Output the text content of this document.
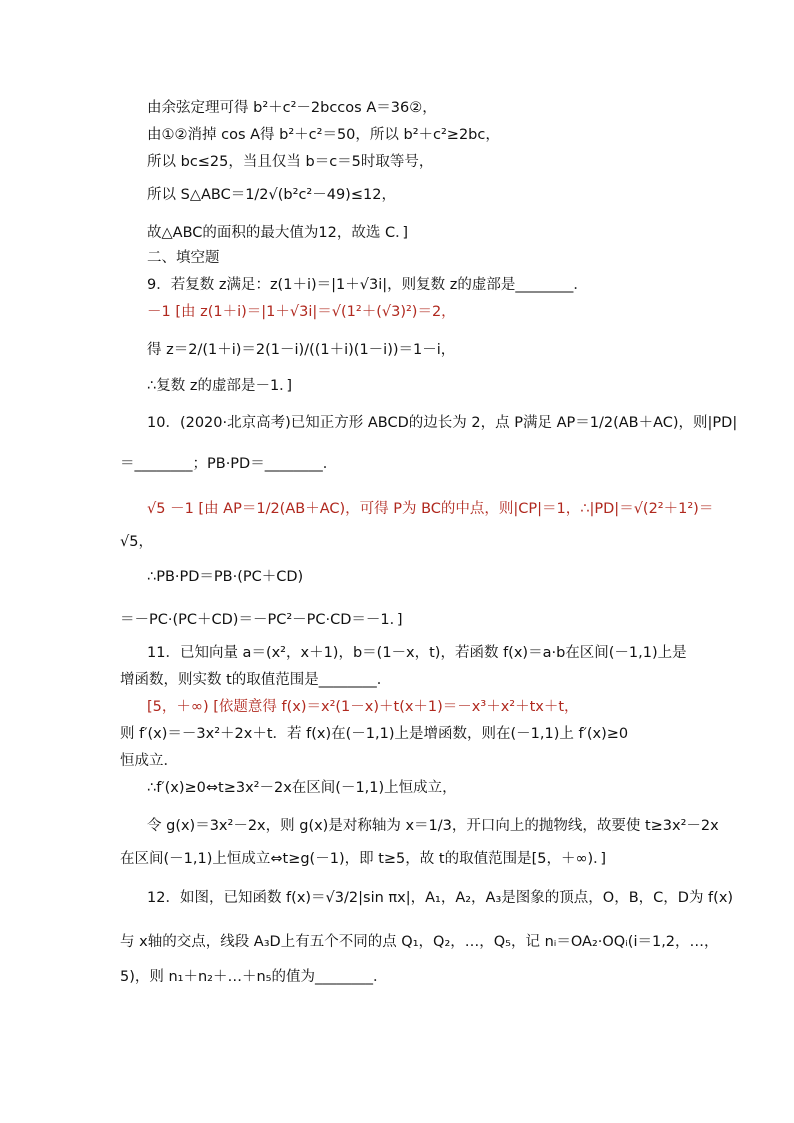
由余弦定理可得 b²＋c²－2bccos A＝36②，
由①②消掉 cos A得 b²＋c²＝50，所以 b²＋c²≥2bc，
所以 bc≤25，当且仅当 b＝c＝5时取等号，
所以 S△ABC＝1/2√(b²c²－49)≤12，
故△ABC的面积的最大值为12，故选 C．]
二、填空题
9．若复数 z满足：z(1＋i)＝|1＋√3i|，则复数 z的虚部是________．
－1 [由 z(1＋i)＝|1＋√3i|＝√(1²＋(√3)²)＝2，
得 z＝2/(1＋i)＝2(1－i)/((1＋i)(1－i))＝1－i，
∴复数 z的虚部是－1．]
10．(2020·北京高考)已知正方形 ABCD的边长为 2，点 P满足 AP＝1/2(AB＋AC)，则|PD|
＝________；PB·PD＝________．
√5 －1 [由 AP＝1/2(AB＋AC)，可得 P为 BC的中点，则|CP|＝1，∴|PD|＝√(2²＋1²)＝
√5，
∴PB·PD＝PB·(PC＋CD)
＝－PC·(PC＋CD)＝－PC²－PC·CD＝－1．]
11．已知向量 a＝(x²，x＋1)，b＝(1－x，t)，若函数 f(x)＝a·b在区间(－1,1)上是
增函数，则实数 t的取值范围是________．
[5，＋∞) [依题意得 f(x)＝x²(1－x)＋t(x＋1)＝－x³＋x²＋tx＋t，
则 f′(x)＝－3x²＋2x＋t．若 f(x)在(－1,1)上是增函数，则在(－1,1)上 f′(x)≥0
恒成立．
∴f′(x)≥0⇔t≥3x²－2x在区间(－1,1)上恒成立，
令 g(x)＝3x²－2x，则 g(x)是对称轴为 x＝1/3，开口向上的抛物线，故要使 t≥3x²－2x
在区间(－1,1)上恒成立⇔t≥g(－1)，即 t≥5，故 t的取值范围是[5，＋∞)．]
12．如图，已知函数 f(x)＝√3/2|sin πx|，A₁，A₂，A₃是图象的顶点，O，B，C，D为 f(x)
与 x轴的交点，线段 A₃D上有五个不同的点 Q₁，Q₂，…，Q₅，记 nᵢ＝OA₂·OQᵢ(i＝1,2，…，
5)，则 n₁＋n₂＋…＋n₅的值为________．
